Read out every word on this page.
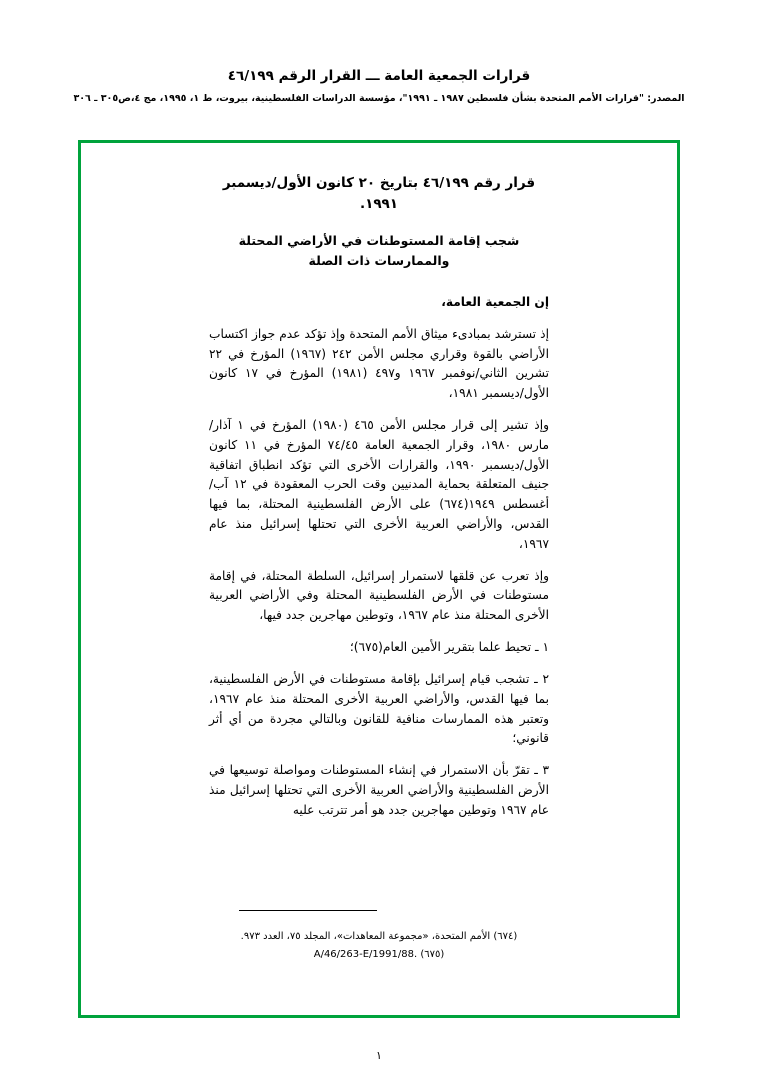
قرارات الجمعية العامة ـــ القرار الرقم ٤٦/١٩٩
المصدر: "قرارات الأمم المتحدة بشأن فلسطين ١٩٨٧ ـ ١٩٩١"، مؤسسة الدراسات الفلسطينية، بيروت، ط ١، ١٩٩٥، مج ٤،ص٣٠٥ ـ ٣٠٦
قرار رقم ٤٦/١٩٩ بتاريخ ٢٠ كانون الأول/ديسمبر ١٩٩١.
شجب إقامة المستوطنات في الأراضي المحتلة
والممارسات ذات الصلة

إن الجمعية العامة،

إذ تسترشد بمبادىء ميثاق الأمم المتحدة وإذ تؤكد عدم جواز اكتساب الأراضي بالقوة وقراري مجلس الأمن ٢٤٢ (١٩٦٧) المؤرخ في ٢٢ تشرين الثاني/نوفمبر ١٩٦٧ و٤٩٧ (١٩٨١) المؤرخ في ١٧ كانون الأول/ديسمبر ١٩٨١،

وإذ تشير إلى قرار مجلس الأمن ٤٦٥ (١٩٨٠) المؤرخ في ١ آذار/مارس ١٩٨٠، وقرار الجمعية العامة ٧٤/٤٥ المؤرخ في ١١ كانون الأول/ديسمبر ١٩٩٠، والقرارات الأخرى التي تؤكد انطباق اتفاقية جنيف المتعلقة بحماية المدنيين وقت الحرب المعقودة في ١٢ آب/أغسطس ١٩٤٩(٦٧٤) على الأرض الفلسطينية المحتلة، بما فيها القدس، والأراضي العربية الأخرى التي تحتلها إسرائيل منذ عام ١٩٦٧،

وإذ تعرب عن قلقها لاستمرار إسرائيل، السلطة المحتلة، في إقامة مستوطنات في الأرض الفلسطينية المحتلة وفي الأراضي العربية الأخرى المحتلة منذ عام ١٩٦٧، وتوطين مهاجرين جدد فيها،

١ ـ تحيط علما بتقرير الأمين العام(٦٧٥)؛

٢ ـ تشجب قيام إسرائيل بإقامة مستوطنات في الأرض الفلسطينية، بما فيها القدس، والأراضي العربية الأخرى المحتلة منذ عام ١٩٦٧، وتعتبر هذه الممارسات منافية للقانون وبالتالي مجردة من أي أثر قانوني؛

٣ ـ تقرّ بأن الاستمرار في إنشاء المستوطنات ومواصلة توسيعها في الأرض الفلسطينية والأراضي العربية الأخرى التي تحتلها إسرائيل منذ عام ١٩٦٧ وتوطين مهاجرين جدد هو أمر تترتب عليه

(٦٧٤) الأمم المتحدة، «مجموعة المعاهدات»، المجلد ٧٥، العدد ٩٧٣.
A/46/263-E/1991/88. (٦٧٥)
١
